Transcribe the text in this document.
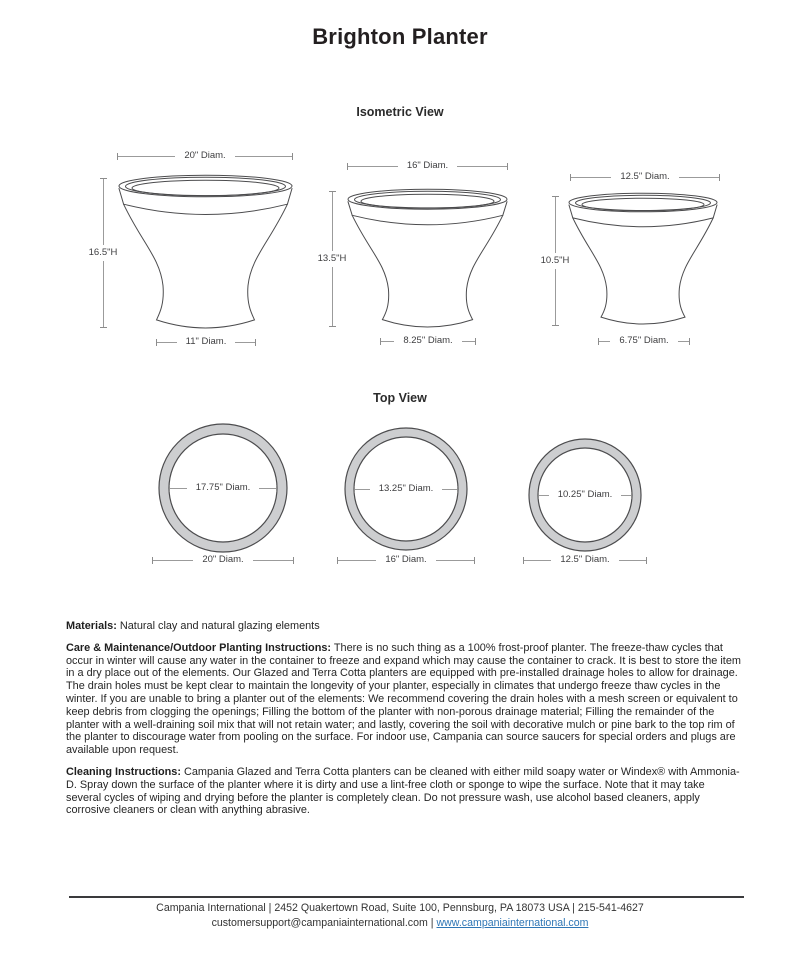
Brighton Planter
Isometric View
20" Diam.
16.5"H
11" Diam.
16" Diam.
13.5"H
8.25" Diam.
12.5" Diam.
10.5"H
6.75" Diam.
Top View
17.75" Diam.
20" Diam.
13.25" Diam.
16" Diam.
10.25" Diam.
12.5" Diam.

Materials: Natural clay and natural glazing elements

Care & Maintenance/Outdoor Planting Instructions: There is no such thing as a 100% frost-proof planter. The freeze-thaw cycles that occur in winter will cause any water in the container to freeze and expand which may cause the container to crack. It is best to store the item in a dry place out of the elements. Our Glazed and Terra Cotta planters are equipped with pre-installed drainage holes to allow for drainage. The drain holes must be kept clear to maintain the longevity of your planter, especially in climates that undergo freeze thaw cycles in the winter. If you are unable to bring a planter out of the elements: We recommend covering the drain holes with a mesh screen or equivalent to keep debris from clogging the openings; Filling the bottom of the planter with non-porous drainage material; Filling the remainder of the planter with a well-draining soil mix that will not retain water; and lastly, covering the soil with decorative mulch or pine bark to the top rim of the planter to discourage water from pooling on the surface. For indoor use, Campania can source saucers for special orders and plugs are available upon request.

Cleaning Instructions: Campania Glazed and Terra Cotta planters can be cleaned with either mild soapy water or Windex® with Ammonia-D. Spray down the surface of the planter where it is dirty and use a lint-free cloth or sponge to wipe the surface. Note that it may take several cycles of wiping and drying before the planter is completely clean. Do not pressure wash, use alcohol based cleaners, apply corrosive cleaners or clean with anything abrasive.

Campania International | 2452 Quakertown Road, Suite 100, Pennsburg, PA 18073 USA | 215-541-4627
customersupport@campaniainternational.com | www.campaniainternational.com
